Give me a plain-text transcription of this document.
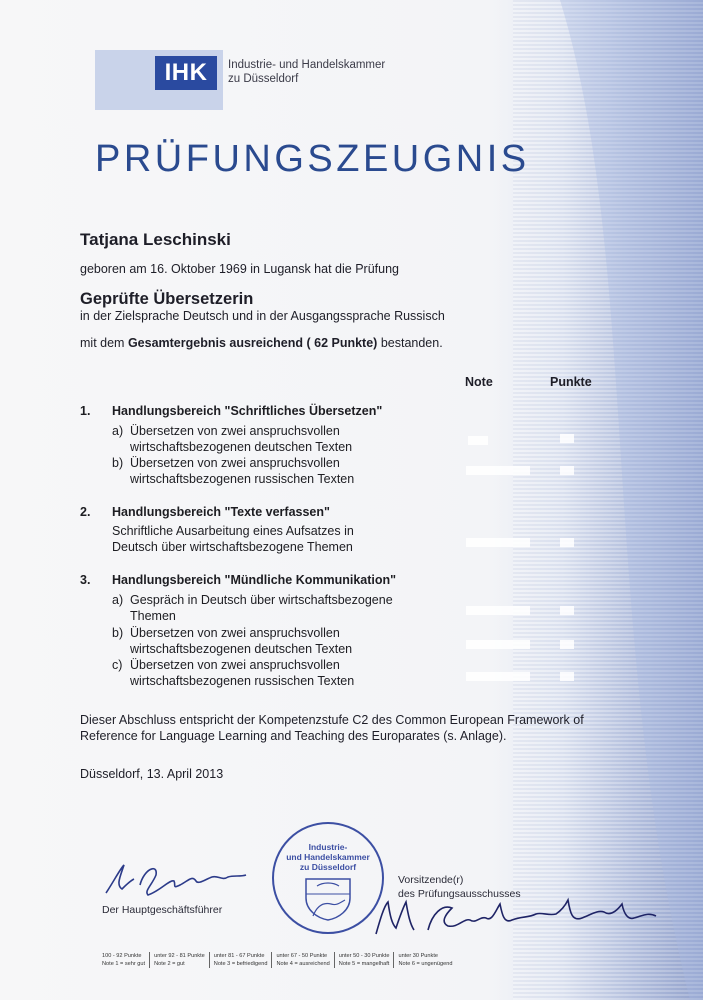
IHK	Industrie- und Handelskammer
zu Düsseldorf
PRÜFUNGSZEUGNIS
Tatjana Leschinski
geboren am 16. Oktober 1969 in Lugansk hat die Prüfung
Geprüfte Übersetzerin
in der Zielsprache Deutsch und in der Ausgangssprache Russisch
mit dem Gesamtergebnis ausreichend ( 62 Punkte) bestanden.
Note	Punkte
1. Handlungsbereich "Schriftliches Übersetzen"
a) Übersetzen von zwei anspruchsvollen
wirtschaftsbezogenen deutschen Texten
b) Übersetzen von zwei anspruchsvollen
wirtschaftsbezogenen russischen Texten
2. Handlungsbereich "Texte verfassen"
Schriftliche Ausarbeitung eines Aufsatzes in
Deutsch über wirtschaftsbezogene Themen
3. Handlungsbereich "Mündliche Kommunikation"
a) Gespräch in Deutsch über wirtschaftsbezogene
Themen
b) Übersetzen von zwei anspruchsvollen
wirtschaftsbezogenen deutschen Texten
c) Übersetzen von zwei anspruchsvollen
wirtschaftsbezogenen russischen Texten
Dieser Abschluss entspricht der Kompetenzstufe C2 des Common European Framework of
Reference for Language Learning and Teaching des Europarates (s. Anlage).
Düsseldorf, 13. April 2013
Der Hauptgeschäftsführer
Industrie-
und Handelskammer
zu Düsseldorf
Vorsitzende(r)
des Prüfungsausschusses
100 - 92 Punkte
Note 1 = sehr gut
unter 92 - 81 Punkte
Note 2 = gut
unter 81 - 67 Punkte
Note 3 = befriedigend
unter 67 - 50 Punkte
Note 4 = ausreichend
unter 50 - 30 Punkte
Note 5 = mangelhaft
unter 30 Punkte
Note 6 = ungenügend
